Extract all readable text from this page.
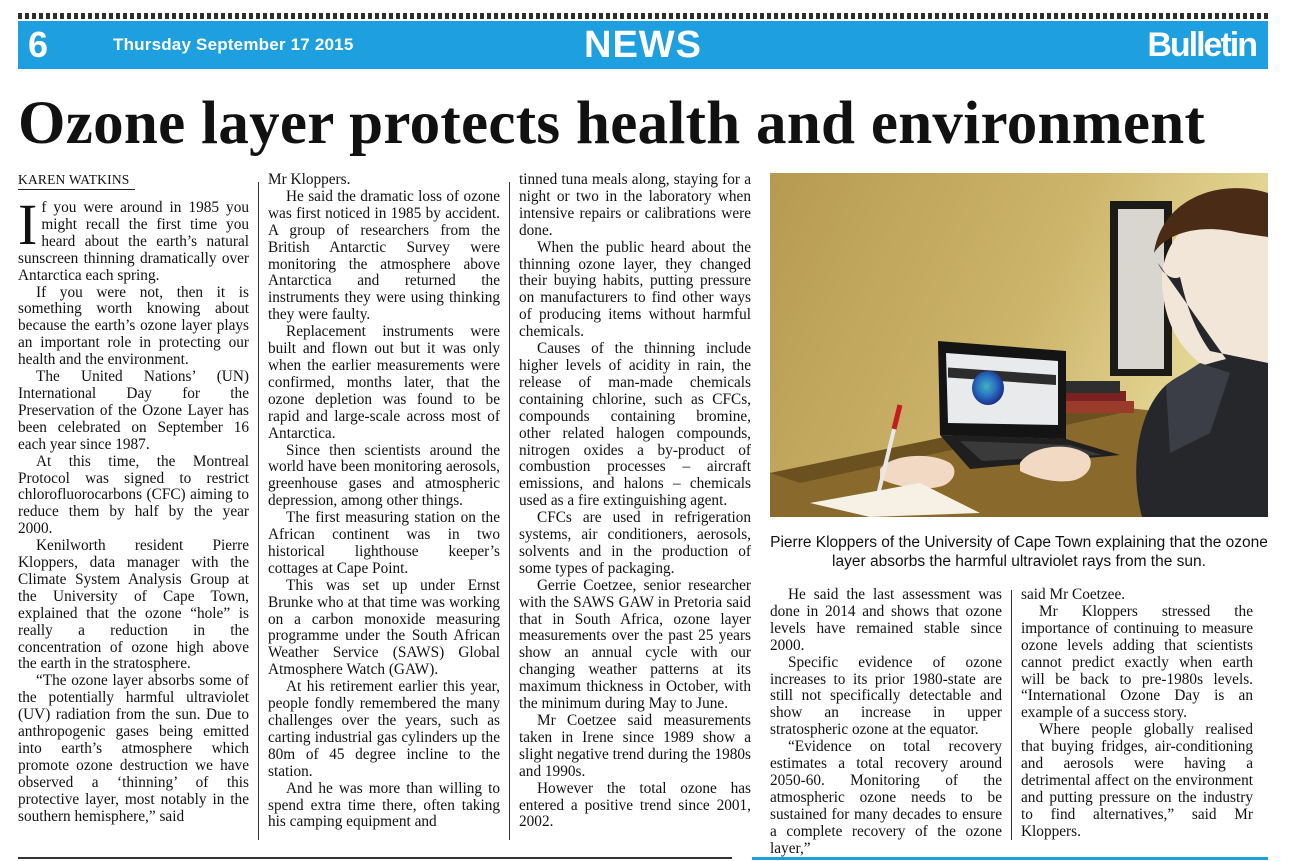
6	Thursday September 17 2015	NEWS	Bulletin
Ozone layer protects health and environment
KAREN WATKINS

If you were around in 1985 you might recall the first time you heard about the earth’s natural sunscreen thinning dramatically over Antarctica each spring.

If you were not, then it is something worth knowing about because the earth’s ozone layer plays an important role in protecting our health and the environment.

The United Nations’ (UN) International Day for the Preservation of the Ozone Layer has been celebrated on September 16 each year since 1987.

At this time, the Montreal Protocol was signed to restrict chlorofluorocarbons (CFC) aiming to reduce them by half by the year 2000.

Kenilworth resident Pierre Kloppers, data manager with the Climate System Analysis Group at the University of Cape Town, explained that the ozone “hole” is really a reduction in the concentration of ozone high above the earth in the stratosphere.

“The ozone layer absorbs some of the potentially harmful ultraviolet (UV) radiation from the sun. Due to anthropogenic gases being emitted into earth’s atmosphere which promote ozone destruction we have observed a ‘thinning’ of this protective layer, most notably in the southern hemisphere,” said

Mr Kloppers.

He said the dramatic loss of ozone was first noticed in 1985 by accident. A group of researchers from the British Antarctic Survey were monitoring the atmosphere above Antarctica and returned the instruments they were using thinking they were faulty.

Replacement instruments were built and flown out but it was only when the earlier measurements were confirmed, months later, that the ozone depletion was found to be rapid and large-scale across most of Antarctica.

Since then scientists around the world have been monitoring aerosols, greenhouse gases and atmospheric depression, among other things.

The first measuring station on the African continent was in two historical lighthouse keeper’s cottages at Cape Point.

This was set up under Ernst Brunke who at that time was working on a carbon monoxide measuring programme under the South African Weather Service (SAWS) Global Atmosphere Watch (GAW).

At his retirement earlier this year, people fondly remembered the many challenges over the years, such as carting industrial gas cylinders up the 80m of 45 degree incline to the station.

And he was more than willing to spend extra time there, often taking his camping equipment and

tinned tuna meals along, staying for a night or two in the laboratory when intensive repairs or calibrations were done.

When the public heard about the thinning ozone layer, they changed their buying habits, putting pressure on manufacturers to find other ways of producing items without harmful chemicals.

Causes of the thinning include higher levels of acidity in rain, the release of man-made chemicals containing chlorine, such as CFCs, compounds containing bromine, other related halogen compounds, nitrogen oxides a by-product of combustion processes – aircraft emissions, and halons – chemicals used as a fire extinguishing agent.

CFCs are used in refrigeration systems, air conditioners, aerosols, solvents and in the production of some types of packaging.

Gerrie Coetzee, senior researcher with the SAWS GAW in Pretoria said that in South Africa, ozone layer measurements over the past 25 years show an annual cycle with our changing weather patterns at its maximum thickness in October, with the minimum during May to June.

Mr Coetzee said measurements taken in Irene since 1989 show a slight negative trend during the 1980s and 1990s.

However the total ozone has entered a positive trend since 2001, 2002.

Pierre Kloppers of the University of Cape Town explaining that the ozone layer absorbs the harmful ultraviolet rays from the sun.

He said the last assessment was done in 2014 and shows that ozone levels have remained stable since 2000.

Specific evidence of ozone increases to its prior 1980-state are still not specifically detectable and show an increase in upper stratospheric ozone at the equator.

“Evidence on total recovery estimates a total recovery around 2050-60. Monitoring of the atmospheric ozone needs to be sustained for many decades to ensure a complete recovery of the ozone layer,”

said Mr Coetzee.

Mr Kloppers stressed the importance of continuing to measure ozone levels adding that scientists cannot predict exactly when earth will be back to pre-1980s levels. “International Ozone Day is an example of a success story.

Where people globally realised that buying fridges, air-conditioning and aerosols were having a detrimental affect on the environment and putting pressure on the industry to find alternatives,” said Mr Kloppers.
